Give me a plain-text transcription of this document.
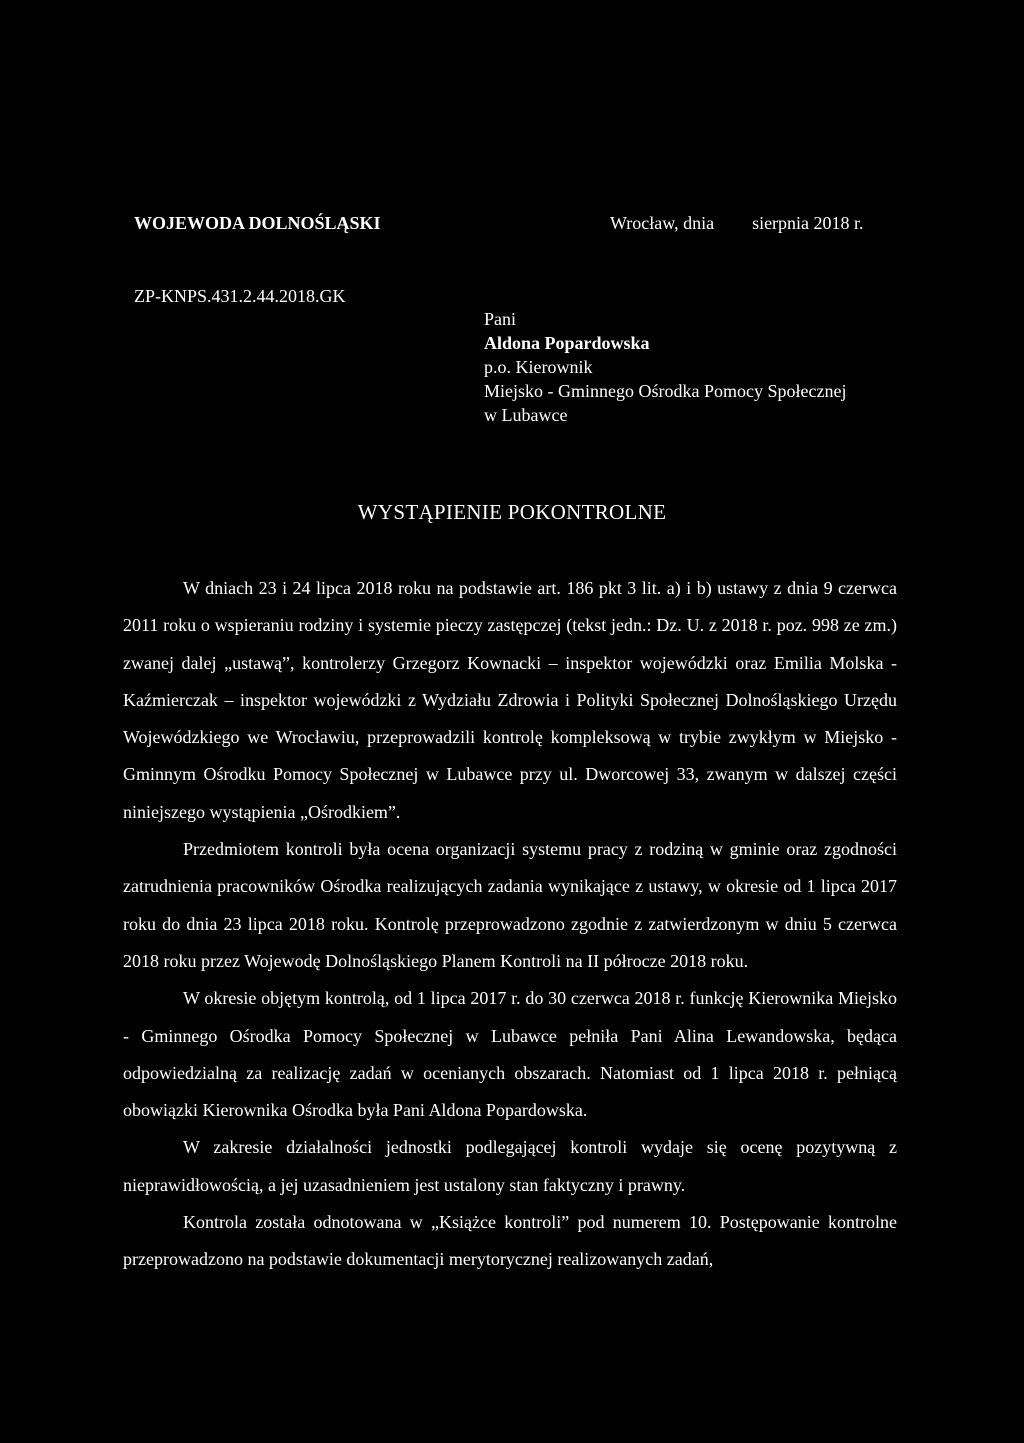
WOJEWODA DOLNOŚLĄSKI	Wrocław, dnia sierpnia 2018 r.
ZP-KNPS.431.2.44.2018.GK
Pani
Aldona Popardowska
p.o. Kierownik
Miejsko - Gminnego Ośrodka Pomocy Społecznej
w Lubawce
WYSTĄPIENIE POKONTROLNE

W dniach 23 i 24 lipca 2018 roku na podstawie art. 186 pkt 3 lit. a) i b) ustawy z dnia 9 czerwca 2011 roku o wspieraniu rodziny i systemie pieczy zastępczej (tekst jedn.: Dz. U. z 2018 r. poz. 998 ze zm.) zwanej dalej „ustawą”, kontrolerzy Grzegorz Kownacki – inspektor wojewódzki oraz Emilia Molska - Kaźmierczak – inspektor wojewódzki z Wydziału Zdrowia i Polityki Społecznej Dolnośląskiego Urzędu Wojewódzkiego we Wrocławiu, przeprowadzili kontrolę kompleksową w trybie zwykłym w Miejsko - Gminnym Ośrodku Pomocy Społecznej w Lubawce przy ul. Dworcowej 33, zwanym w dalszej części niniejszego wystąpienia „Ośrodkiem”.

Przedmiotem kontroli była ocena organizacji systemu pracy z rodziną w gminie oraz zgodności zatrudnienia pracowników Ośrodka realizujących zadania wynikające z ustawy, w okresie od 1 lipca 2017 roku do dnia 23 lipca 2018 roku. Kontrolę przeprowadzono zgodnie z zatwierdzonym w dniu 5 czerwca 2018 roku przez Wojewodę Dolnośląskiego Planem Kontroli na II półrocze 2018 roku.

W okresie objętym kontrolą, od 1 lipca 2017 r. do 30 czerwca 2018 r. funkcję Kierownika Miejsko - Gminnego Ośrodka Pomocy Społecznej w Lubawce pełniła Pani Alina Lewandowska, będąca odpowiedzialną za realizację zadań w ocenianych obszarach. Natomiast od 1 lipca 2018 r. pełniącą obowiązki Kierownika Ośrodka była Pani Aldona Popardowska.

W zakresie działalności jednostki podlegającej kontroli wydaje się ocenę pozytywną z nieprawidłowością, a jej uzasadnieniem jest ustalony stan faktyczny i prawny.

Kontrola została odnotowana w „Książce kontroli” pod numerem 10. Postępowanie kontrolne przeprowadzono na podstawie dokumentacji merytorycznej realizowanych zadań,
